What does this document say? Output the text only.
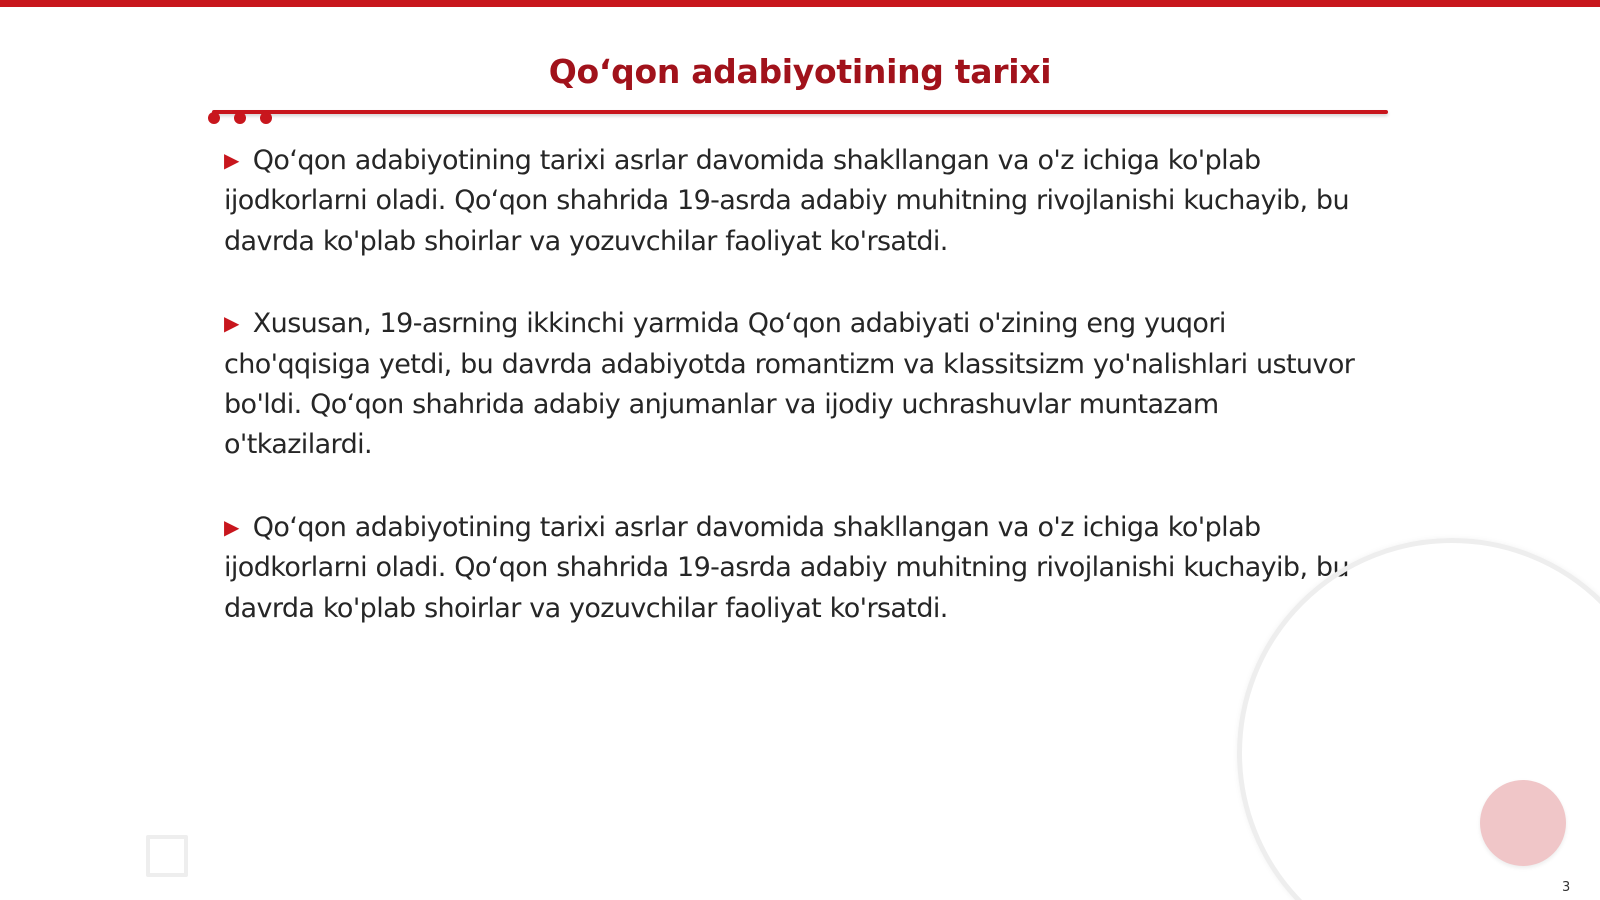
Qo‘qon adabiyotining tarixi

▶ Qo‘qon adabiyotining tarixi asrlar davomida shakllangan va o'z ichiga ko'plab ijodkorlarni oladi. Qo‘qon shahrida 19-asrda adabiy muhitning rivojlanishi kuchayib, bu davrda ko'plab shoirlar va yozuvchilar faoliyat ko'rsatdi.

▶ Xususan, 19-asrning ikkinchi yarmida Qo‘qon adabiyati o'zining eng yuqori cho'qqisiga yetdi, bu davrda adabiyotda romantizm va klassitsizm yo'nalishlari ustuvor bo'ldi. Qo‘qon shahrida adabiy anjumanlar va ijodiy uchrashuvlar muntazam o'tkazilardi.

▶ Qo‘qon adabiyotining tarixi asrlar davomida shakllangan va o'z ichiga ko'plab ijodkorlarni oladi. Qo‘qon shahrida 19-asrda adabiy muhitning rivojlanishi kuchayib, bu davrda ko'plab shoirlar va yozuvchilar faoliyat ko'rsatdi.

3
